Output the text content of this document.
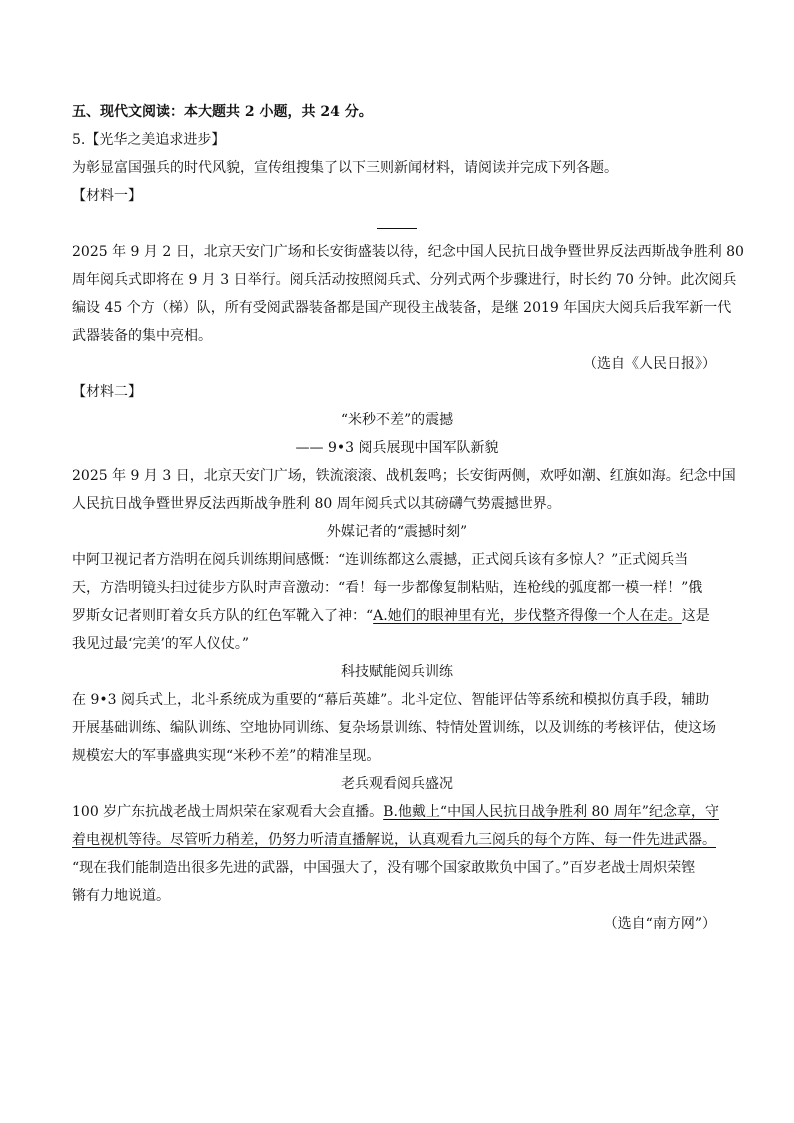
五、现代文阅读：本大题共 2 小题，共 24 分。
5.【光华之美追求进步】
为彰显富国强兵的时代风貌，宣传组搜集了以下三则新闻材料，请阅读并完成下列各题。
【材料一】
2025 年 9 月 2 日，北京天安门广场和长安街盛装以待，纪念中国人民抗日战争暨世界反法西斯战争胜利 80
周年阅兵式即将在 9 月 3 日举行。阅兵活动按照阅兵式、分列式两个步骤进行，时长约 70 分钟。此次阅兵
编设 45 个方（梯）队，所有受阅武器装备都是国产现役主战装备，是继 2019 年国庆大阅兵后我军新一代
武器装备的集中亮相。
（选自《人民日报》）
【材料二】
“米秒不差”的震撼
—— 9•3 阅兵展现中国军队新貌
2025 年 9 月 3 日，北京天安门广场，铁流滚滚、战机轰鸣；长安街两侧，欢呼如潮、红旗如海。纪念中国
人民抗日战争暨世界反法西斯战争胜利 80 周年阅兵式以其磅礴气势震撼世界。
外媒记者的“震撼时刻”
中阿卫视记者方浩明在阅兵训练期间感慨：“连训练都这么震撼，正式阅兵该有多惊人？”正式阅兵当
天，方浩明镜头扫过徒步方队时声音激动：“看！每一步都像复制粘贴，连枪线的弧度都一模一样！”俄
罗斯女记者则盯着女兵方队的红色军靴入了神：“A.她们的眼神里有光，步伐整齐得像一个人在走。这是
我见过最‘完美’的军人仪仗。”
科技赋能阅兵训练
在 9•3 阅兵式上，北斗系统成为重要的“幕后英雄”。北斗定位、智能评估等系统和模拟仿真手段，辅助
开展基础训练、编队训练、空地协同训练、复杂场景训练、特情处置训练，以及训练的考核评估，使这场
规模宏大的军事盛典实现“米秒不差”的精准呈现。
老兵观看阅兵盛况
100 岁广东抗战老战士周炽荣在家观看大会直播。B.他戴上“中国人民抗日战争胜利 80 周年”纪念章，守
着电视机等待。尽管听力稍差，仍努力听清直播解说，认真观看九三阅兵的每个方阵、每一件先进武器。
“现在我们能制造出很多先进的武器，中国强大了，没有哪个国家敢欺负中国了。”百岁老战士周炽荣铿
锵有力地说道。
（选自“南方网”）
